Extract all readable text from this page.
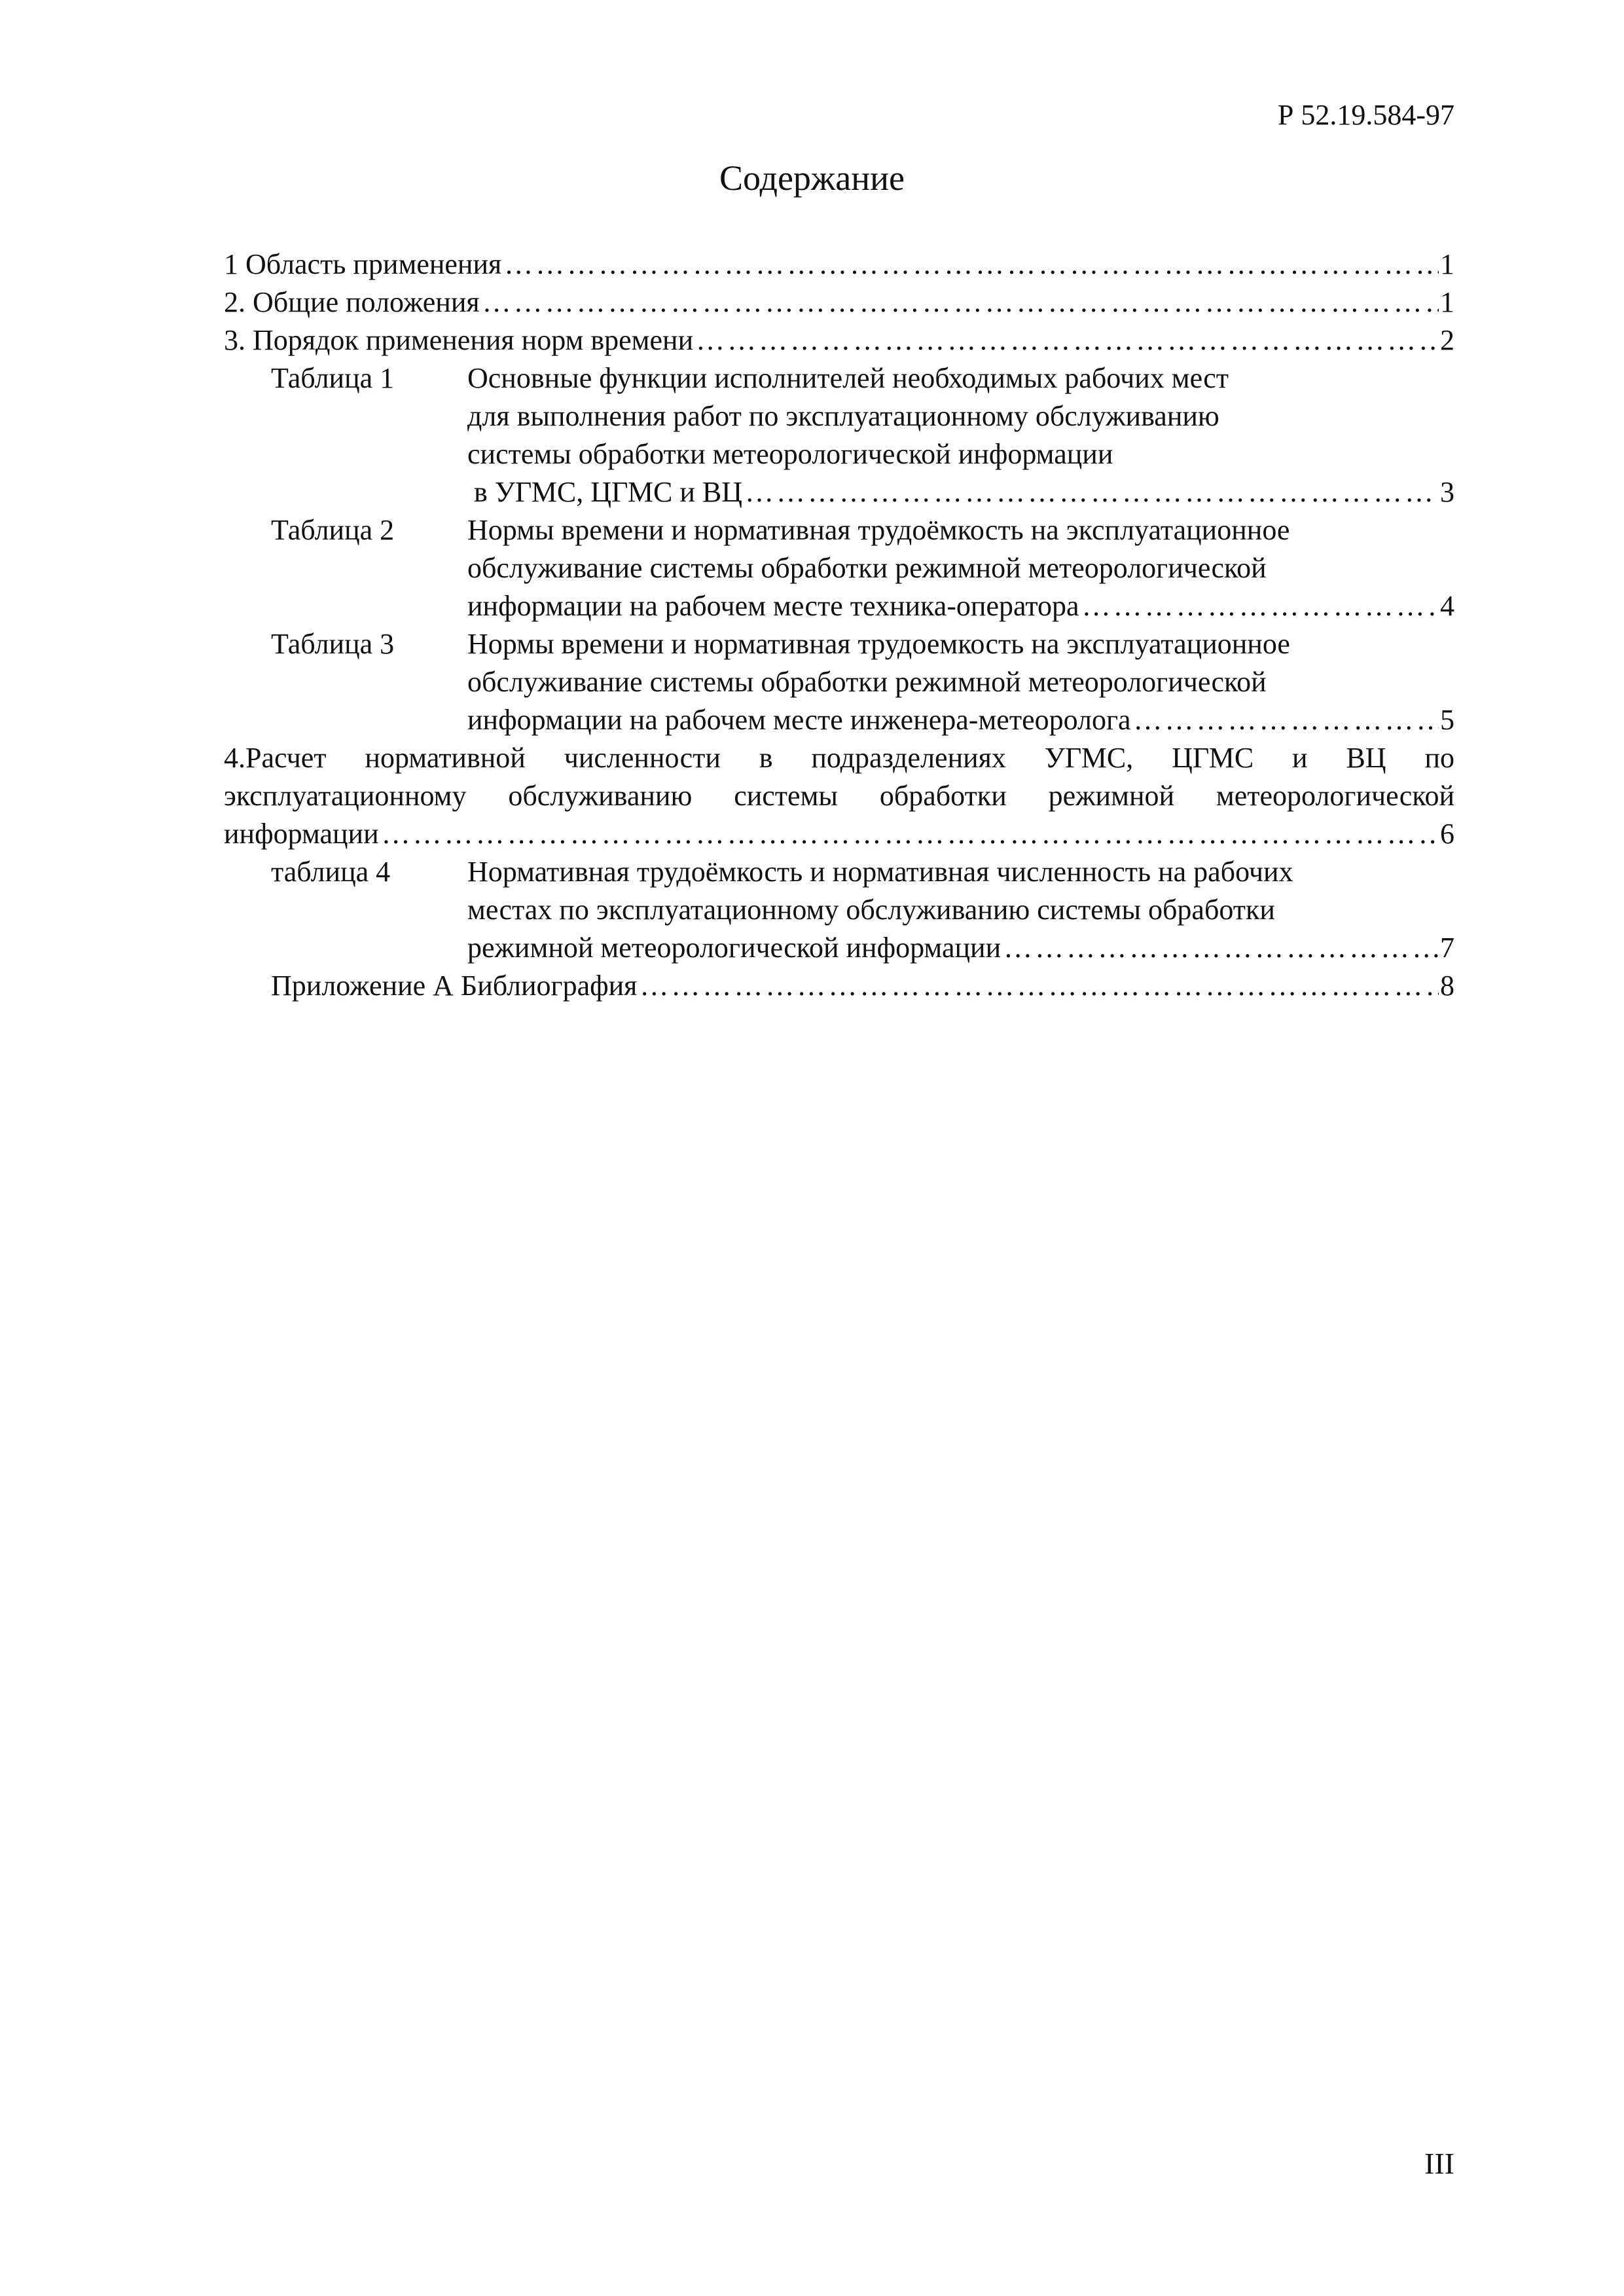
Р 52.19.584-97
Содержание
1 Область применения …………………………………………………………………………………………………………………………………………………………………………………………………………………………………………………………	1
2. Общие положения …………………………………………………………………………………………………………………………………………………………………………………………………………………………………………………………	1
3. Порядок применения норм времени …………………………………………………………………………………………………………………………………………………………………………………………………………………………………………………………	2
Таблица 1	Основные функции исполнителей необходимых рабочих мест
для выполнения работ по эксплуатационному обслуживанию
системы обработки метеорологической информации
в УГМС, ЦГМС и ВЦ …………………………………………………………………………………………………………………………………………………………………………………………………………………………………………………………	3
Таблица 2	Нормы времени и нормативная трудоёмкость на эксплуатационное
обслуживание системы обработки режимной метеорологической
информации на рабочем месте техника-оператора …………………………………………………………………………………………………………………………………………………………………………………………………………………………………………………………	4
Таблица 3	Нормы времени и нормативная трудоемкость на эксплуатационное
обслуживание системы обработки режимной метеорологической
информации на рабочем месте инженера-метеоролога …………………………………………………………………………………………………………………………………………………………………………………………………………………………………………………………	5
4.Расчет нормативной численности в подразделениях УГМС, ЦГМС и ВЦ по
эксплуатационному обслуживанию системы обработки режимной метеорологической
информации …………………………………………………………………………………………………………………………………………………………………………………………………………………………………………………………	6
таблица 4	Нормативная трудоёмкость и нормативная численность на рабочих
местах по эксплуатационному обслуживанию системы обработки
режимной метеорологической информации …………………………………………………………………………………………………………………………………………………………………………………………………………………………………………………………	7
Приложение А Библиография …………………………………………………………………………………………………………………………………………………………………………………………………………………………………………………………	8
III
